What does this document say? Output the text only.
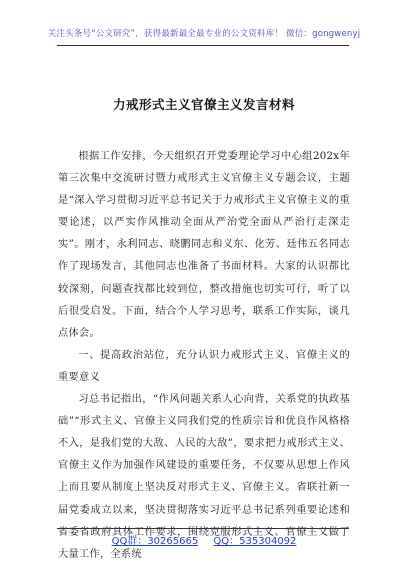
关注头条号“公文研究”，获得最新最全最专业的公文资料库！ 微信：gongwenyj
力戒形式主义官僚主义发言材料

根据工作安排，今天组织召开党委理论学习中心组202x年第三次集中交流研讨暨力戒形式主义官僚主义专题会议，主题是“深入学习贯彻习近平总书记关于力戒形式主义官僚主义的重要论述，以严实作风推动全面从严治党全面从严治行走深走实”。刚才，永利同志、晓鹏同志和义东、化芳、廷伟五名同志作了现场发言，其他同志也准备了书面材料。大家的认识都比较深刻，问题查找都比较到位，整改措施也切实可行，听了以后很受启发。下面，结合个人学习思考，联系工作实际，谈几点体会。

一、提高政治站位，充分认识力戒形式主义、官僚主义的重要意义

习总书记指出，“作风问题关系人心向背，关系党的执政基础”“形式主义、官僚主义同我们党的性质宗旨和优良作风格格不入，是我们党的大敌、人民的大敌”，要求把力戒形式主义、官僚主义作为加强作风建设的重要任务，不仅要从思想上作风上而且要从制度上坚决反对形式主义、官僚主义。省联社新一届党委成立以来，坚决贯彻落实习近平总书记系列重要论述和省委省政府具体工作要求，围绕克服形式主义、官僚主义做了大量工作，全系统

QQ群：30265665 QQ：535304092
